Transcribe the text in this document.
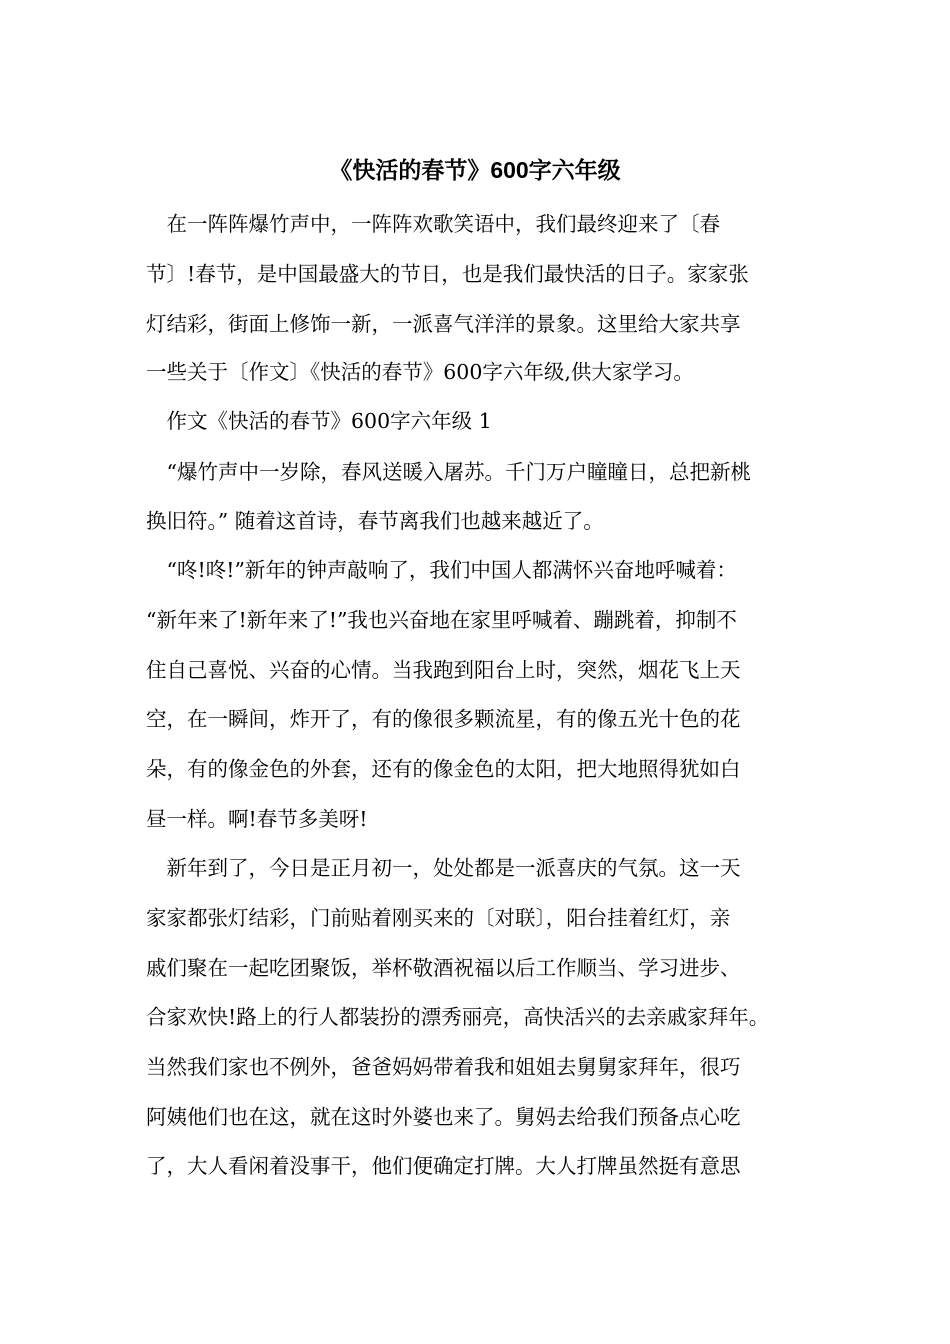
《快活的春节》600字六年级

　在一阵阵爆竹声中，一阵阵欢歌笑语中，我们最终迎来了〔春

节〕!春节，是中国最盛大的节日，也是我们最快活的日子。家家张

灯结彩，街面上修饰一新，一派喜气洋洋的景象。这里给大家共享

一些关于〔作文〕《快活的春节》600字六年级,供大家学习。

　作文《快活的春节》600字六年级 1

　“爆竹声中一岁除，春风送暖入屠苏。千门万户瞳瞳日，总把新桃

换旧符。” 随着这首诗，春节离我们也越来越近了。

　“咚!咚!”新年的钟声敲响了，我们中国人都满怀兴奋地呼喊着：

“新年来了!新年来了!”我也兴奋地在家里呼喊着、蹦跳着，抑制不

住自己喜悦、兴奋的心情。当我跑到阳台上时，突然，烟花飞上天

空，在一瞬间，炸开了，有的像很多颗流星，有的像五光十色的花

朵，有的像金色的外套，还有的像金色的太阳，把大地照得犹如白

昼一样。啊!春节多美呀!

　新年到了，今日是正月初一，处处都是一派喜庆的气氛。这一天

家家都张灯结彩，门前贴着刚买来的〔对联〕，阳台挂着红灯，亲

戚们聚在一起吃团聚饭，举杯敬酒祝福以后工作顺当、学习进步、

合家欢快!路上的行人都装扮的漂秀丽亮，高快活兴的去亲戚家拜年。

当然我们家也不例外，爸爸妈妈带着我和姐姐去舅舅家拜年，很巧

阿姨他们也在这，就在这时外婆也来了。舅妈去给我们预备点心吃

了，大人看闲着没事干，他们便确定打牌。大人打牌虽然挺有意思
